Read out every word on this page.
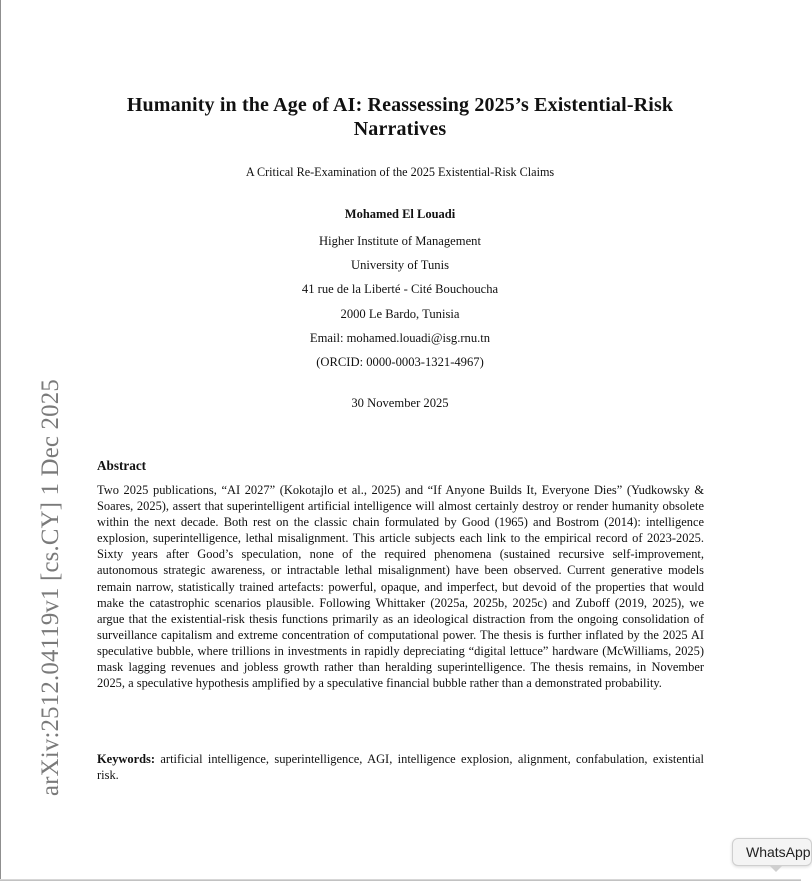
arXiv:2512.04119v1 [cs.CY] 1 Dec 2025
Humanity in the Age of AI: Reassessing 2025’s Existential-Risk
Narratives
A Critical Re-Examination of the 2025 Existential-Risk Claims
Mohamed El Louadi
Higher Institute of Management
University of Tunis
41 rue de la Liberté - Cité Bouchoucha
2000 Le Bardo, Tunisia
Email: mohamed.louadi@isg.rnu.tn
(ORCID: 0000-0003-1321-4967)
30 November 2025
Abstract
Two 2025 publications, “AI 2027” (Kokotajlo et al., 2025) and “If Anyone Builds It, Everyone Dies” (Yudkowsky & Soares, 2025), assert that superintelligent artificial intelligence will almost certainly destroy or render humanity obsolete within the next decade. Both rest on the classic chain formulated by Good (1965) and Bostrom (2014): intelligence explosion, superintelligence, lethal misalignment. This article subjects each link to the empirical record of 2023-2025. Sixty years after Good’s speculation, none of the required phenomena (sustained recursive self-improvement, autonomous strategic awareness, or intractable lethal misalignment) have been observed. Current generative models remain narrow, statistically trained artefacts: powerful, opaque, and imperfect, but devoid of the properties that would make the catastrophic scenarios plausible. Following Whittaker (2025a, 2025b, 2025c) and Zuboff (2019, 2025), we argue that the existential-risk thesis functions primarily as an ideological distraction from the ongoing consolidation of surveillance capitalism and extreme concentration of computational power. The thesis is further inflated by the 2025 AI speculative bubble, where trillions in investments in rapidly depreciating “digital lettuce” hardware (McWilliams, 2025) mask lagging revenues and jobless growth rather than heralding superintelligence. The thesis remains, in November 2025, a speculative hypothesis amplified by a speculative financial bubble rather than a demonstrated probability.
Keywords: artificial intelligence, superintelligence, AGI, intelligence explosion, alignment, confabulation, existential risk.
WhatsApp
